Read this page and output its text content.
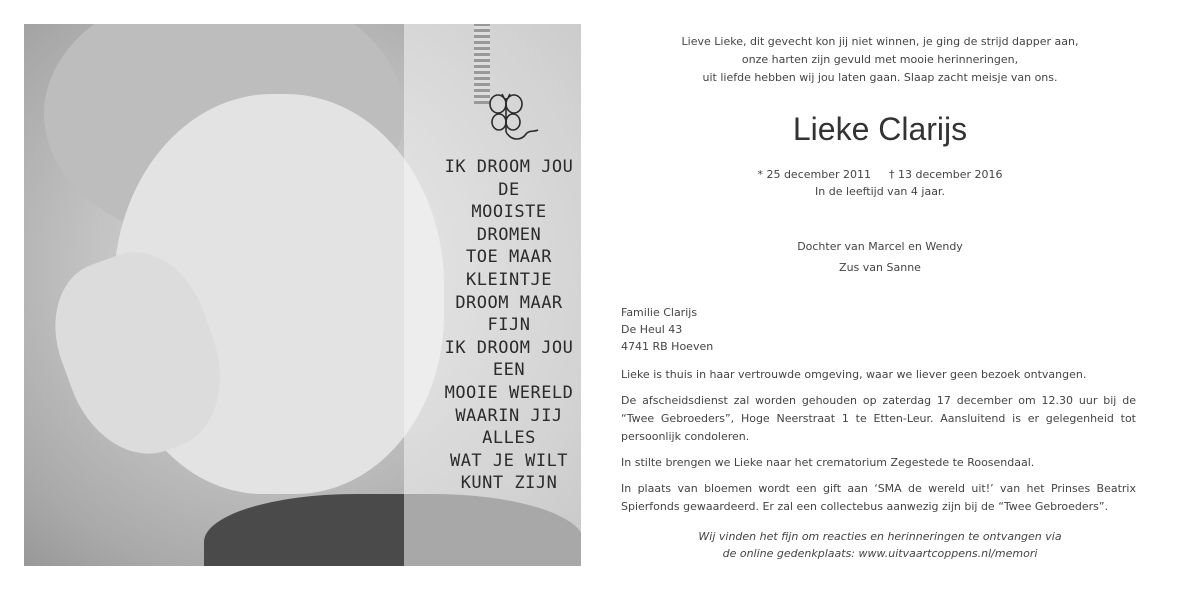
IK DROOM JOU
DE
MOOISTE
DROMEN
TOE MAAR
KLEINTJE
DROOM MAAR
FIJN
IK DROOM JOU
EEN
MOOIE WERELD
WAARIN JIJ
ALLES
WAT JE WILT
KUNT ZIJN
Lieve Lieke, dit gevecht kon jij niet winnen, je ging de strijd dapper aan,
onze harten zijn gevuld met mooie herinneringen,
uit liefde hebben wij jou laten gaan. Slaap zacht meisje van ons.
Lieke Clarijs
* 25 december 2011 † 13 december 2016
In de leeftijd van 4 jaar.
Dochter van Marcel en Wendy
Zus van Sanne
Familie Clarijs
De Heul 43
4741 RB Hoeven

Lieke is thuis in haar vertrouwde omgeving, waar we liever geen bezoek ontvangen.

De afscheidsdienst zal worden gehouden op zaterdag 17 december om 12.30 uur bij de “Twee Gebroeders”, Hoge Neerstraat 1 te Etten-Leur. Aansluitend is er gelegenheid tot persoonlijk condoleren.

In stilte brengen we Lieke naar het crematorium Zegestede te Roosendaal.

In plaats van bloemen wordt een gift aan ‘SMA de wereld uit!’ van het Prinses Beatrix Spierfonds gewaardeerd. Er zal een collectebus aanwezig zijn bij de “Twee Gebroeders”.

Wij vinden het fijn om reacties en herinneringen te ontvangen via
de online gedenkplaats: www.uitvaartcoppens.nl/memori
